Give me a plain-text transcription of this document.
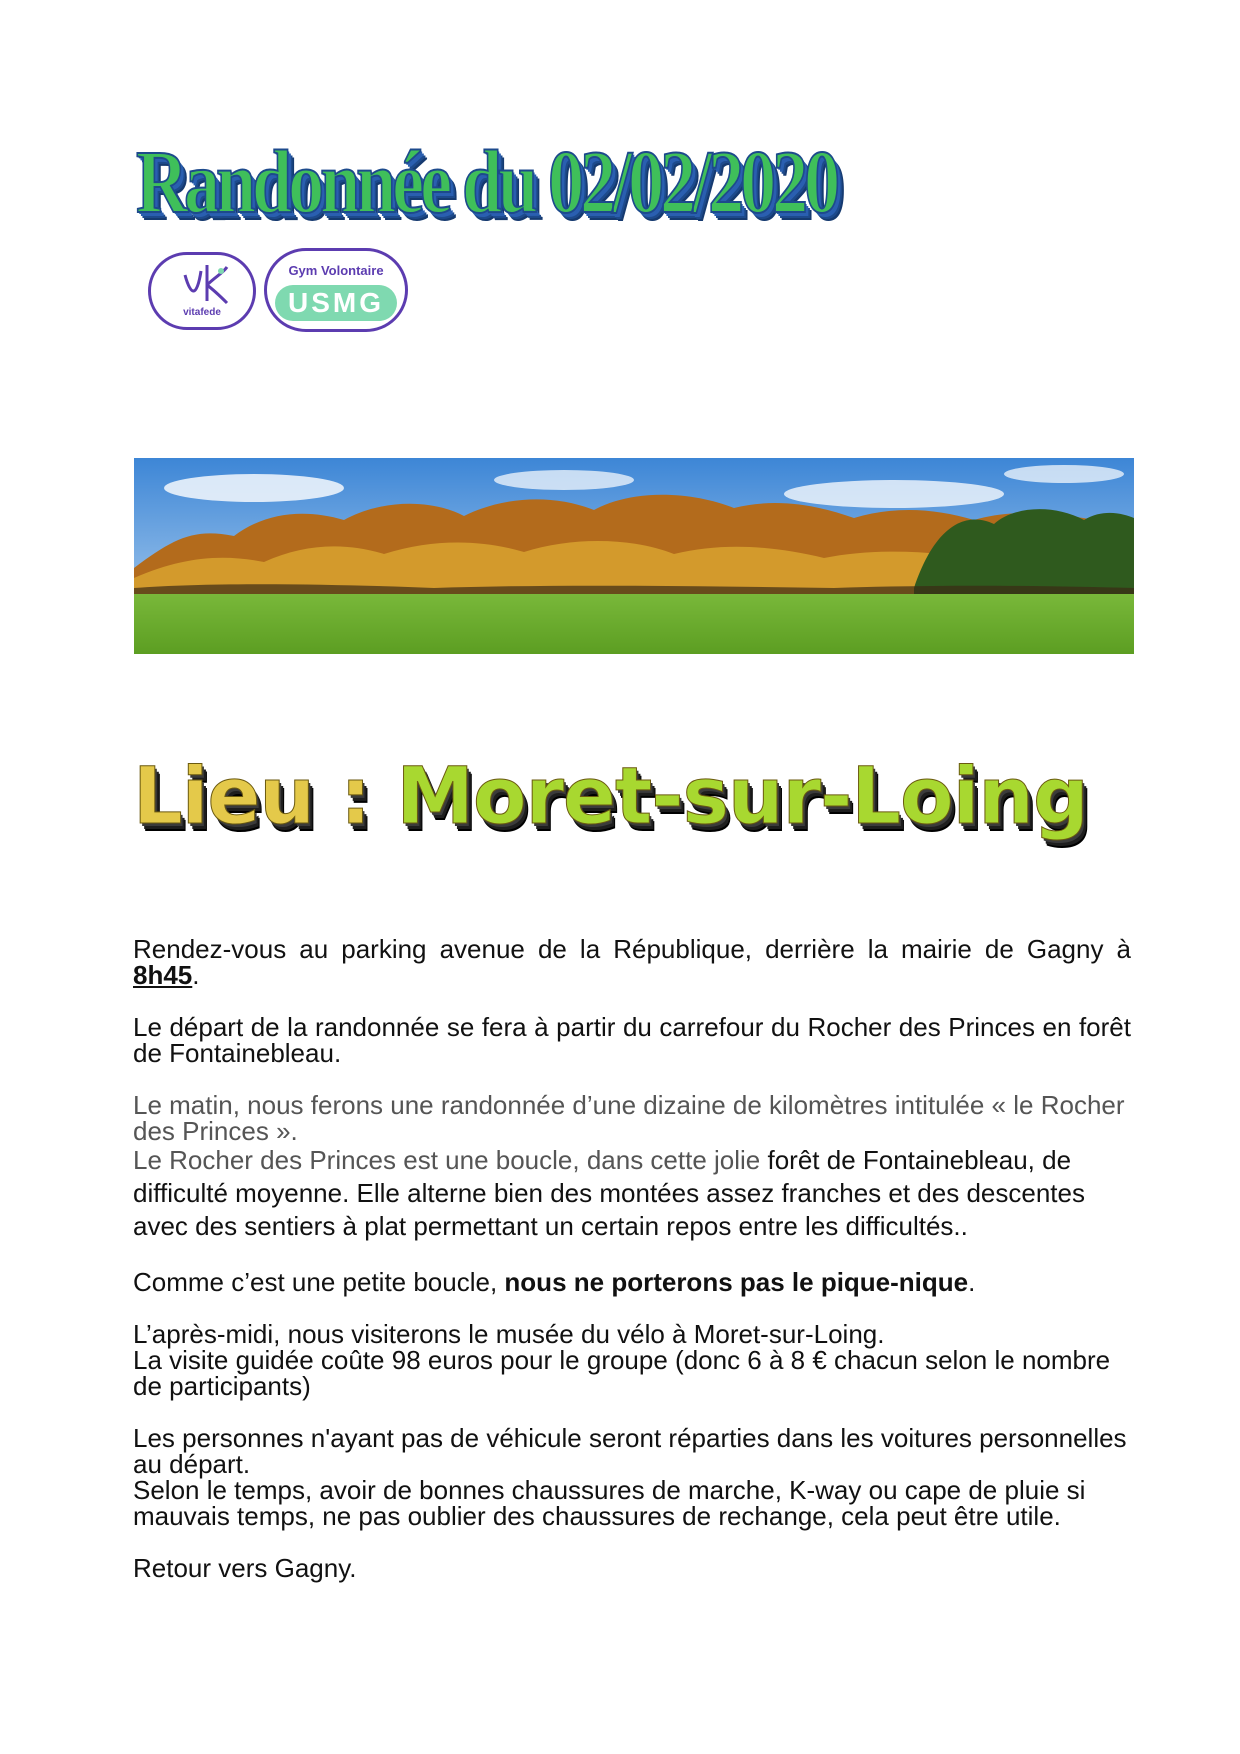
Randonnée du 02/02/2020
vitafede
Gym Volontaire
USMG
Lieu : Moret-sur-Loing

Rendez-vous au parking avenue de la République, derrière la mairie de Gagny à 8h45.

Le départ de la randonnée se fera à partir du carrefour du Rocher des Princes en forêt de Fontainebleau.

Le matin, nous ferons une randonnée d’une dizaine de kilomètres intitulée « le Rocher des Princes ».

Le Rocher des Princes est une boucle, dans cette jolie forêt de Fontainebleau, de difficulté moyenne. Elle alterne bien des montées assez franches et des descentes avec des sentiers à plat permettant un certain repos entre les difficultés..

Comme c’est une petite boucle, nous ne porterons pas le pique-nique.

L’après-midi, nous visiterons le musée du vélo à Moret-sur-Loing.

La visite guidée coûte 98 euros pour le groupe (donc 6 à 8 € chacun selon le nombre de participants)

Les personnes n'ayant pas de véhicule seront réparties dans les voitures personnelles au départ.

Selon le temps, avoir de bonnes chaussures de marche, K-way ou cape de pluie si mauvais temps, ne pas oublier des chaussures de rechange, cela peut être utile.

Retour vers Gagny.
